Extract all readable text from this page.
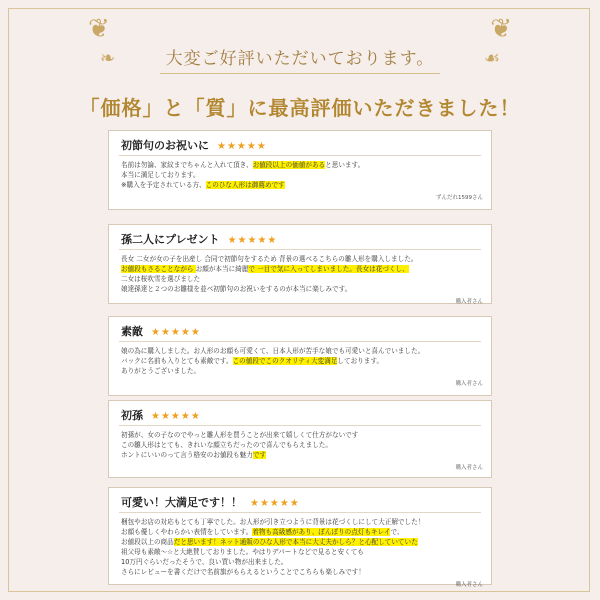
❦	❦
❧	☙
大変ご好評いただいております。
「価格」と「質」に最高評価いただきました！
初節句のお祝いに ★★★★★
名前は勿論、家紋までちゃんと入れて頂き、お値段以上の価値があると思います。
本当に満足しております。
※購入を予定されている方、このひな人形は御薦めです
ずんだれ1599さん
孫二人にプレゼント ★★★★★
長女 二女が女の子を出産し 合同で初節句をするため 背景の選べるこちらの雛人形を購入しました。
お値段もさることながら お顔が本当に綺麗で 一目で気に入ってしまいました。長女は花づくし、
二女は桜吹雪を選びました
娘達孫達と２つのお雛様を並べ初節句のお祝いをするのが本当に楽しみです。
購入者さん
素敵 ★★★★★
娘の為に購入しました。お人形のお顔も可愛くて、日本人形が苦手な娘でも可愛いと喜んでいました。
バックに名前も入りとても素敵です。この値段でこのクオリティ大変満足しております。
ありがとうございました。
購入者さん
初孫 ★★★★★
初孫が、女の子なのでやっと雛人形を買うことが出来て嬉しくて仕方がないです
この雛人形はとても、きれいな顔立ちだったので喜んでもらえました。
ホントにいいのって言う格安のお値段も魅力です
購入者さん
可愛い！大満足です！！ ★★★★★
梱包やお店の対応もとても丁寧でした。お人形が引き立つように背景は花づくしにして大正解でした！
お顔も優しくやわらかい表情をしています。着物も高級感があり、ぼんぼりの点灯もキレイで、
お値段以上の商品だと思います！ネット通販のひな人形で本当に大丈夫かしら？と心配していていた
祖父母も素敵～☆と大絶賛しておりました。やはりデパートなどで見ると安くても
10万円ぐらいだったそうで、良い買い物が出来ました。
さらにレビューを書くだけで名前旗がもらえるということでこちらも楽しみです！
購入者さん
